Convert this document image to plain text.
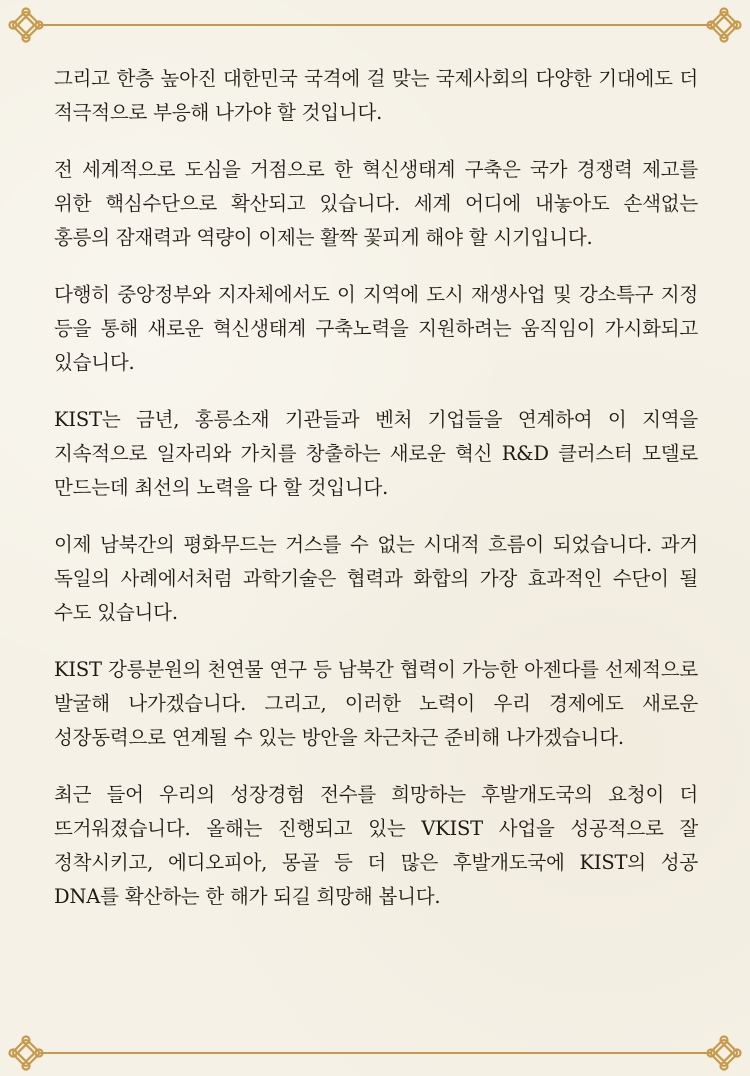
그리고 한층 높아진 대한민국 국격에 걸 맞는 국제사회의 다양한 기대에도 더 적극적으로 부응해 나가야 할 것입니다.

전 세계적으로 도심을 거점으로 한 혁신생태계 구축은 국가 경쟁력 제고를 위한 핵심수단으로 확산되고 있습니다. 세계 어디에 내놓아도 손색없는 홍릉의 잠재력과 역량이 이제는 활짝 꽃피게 해야 할 시기입니다.

다행히 중앙정부와 지자체에서도 이 지역에 도시 재생사업 및 강소특구 지정 등을 통해 새로운 혁신생태계 구축노력을 지원하려는 움직임이 가시화되고 있습니다.

KIST는 금년, 홍릉소재 기관들과 벤처 기업들을 연계하여 이 지역을 지속적으로 일자리와 가치를 창출하는 새로운 혁신 R&D 클러스터 모델로 만드는데 최선의 노력을 다 할 것입니다.

이제 남북간의 평화무드는 거스를 수 없는 시대적 흐름이 되었습니다. 과거 독일의 사례에서처럼 과학기술은 협력과 화합의 가장 효과적인 수단이 될 수도 있습니다.

KIST 강릉분원의 천연물 연구 등 남북간 협력이 가능한 아젠다를 선제적으로 발굴해 나가겠습니다. 그리고, 이러한 노력이 우리 경제에도 새로운 성장동력으로 연계될 수 있는 방안을 차근차근 준비해 나가겠습니다.

최근 들어 우리의 성장경험 전수를 희망하는 후발개도국의 요청이 더 뜨거워졌습니다. 올해는 진행되고 있는 VKIST 사업을 성공적으로 잘 정착시키고, 에디오피아, 몽골 등 더 많은 후발개도국에 KIST의 성공 DNA를 확산하는 한 해가 되길 희망해 봅니다.
